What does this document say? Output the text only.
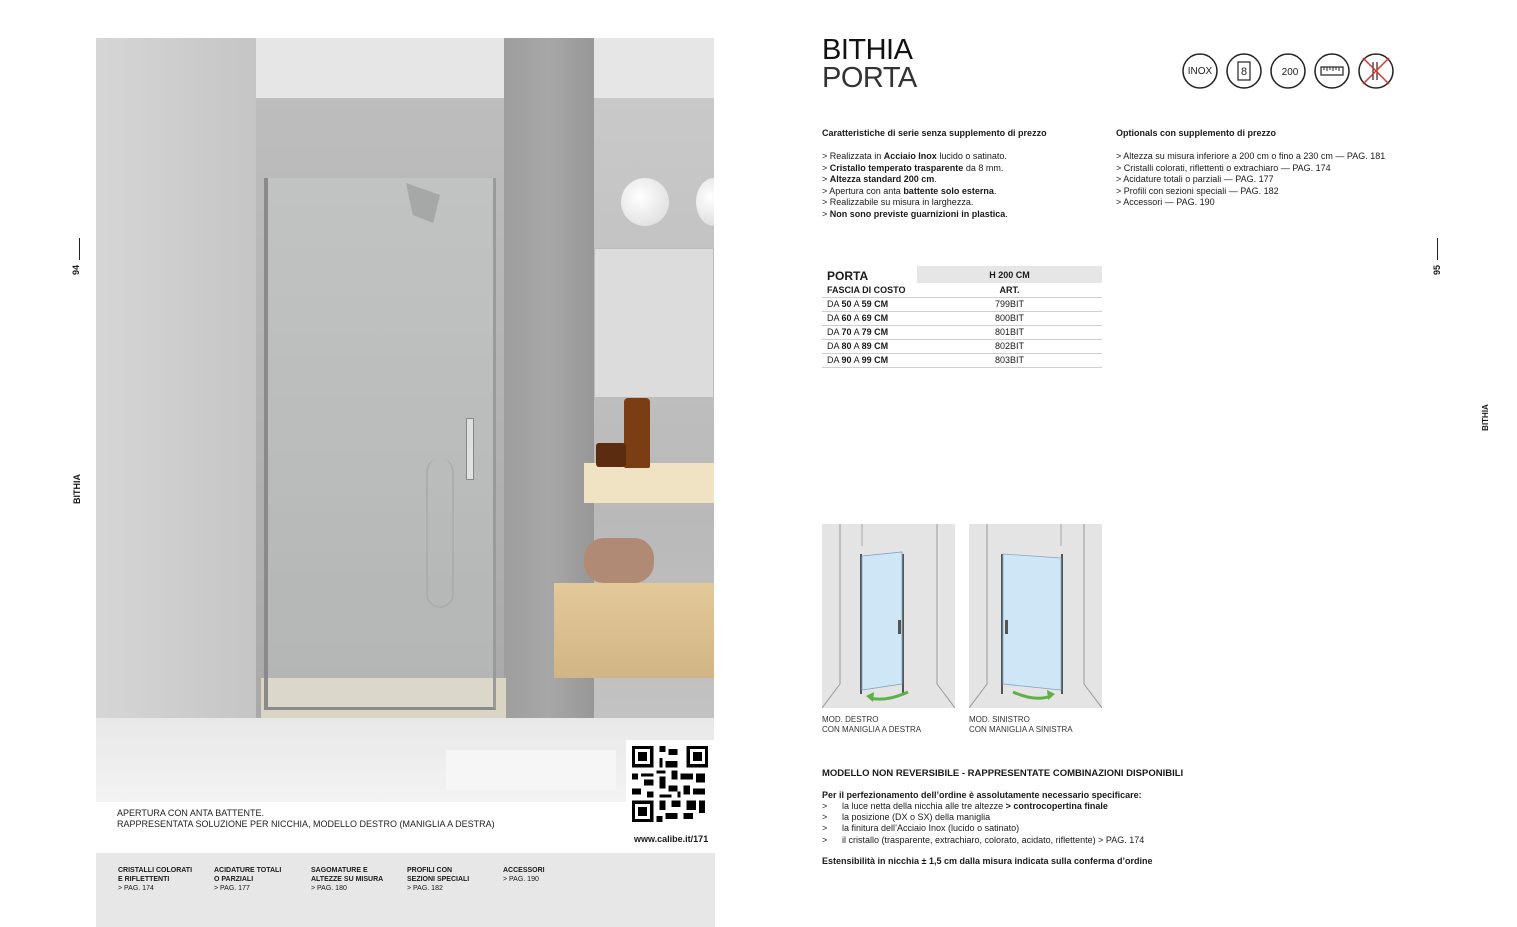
94
BITHIA
www.calibe.it/171
APERTURA CON ANTA BATTENTE.
RAPPRESENTATA SOLUZIONE PER NICCHIA, MODELLO DESTRO (MANIGLIA A DESTRA)
CRISTALLI COLORATI
E RIFLETTENTI
> PAG. 174
ACIDATURE TOTALI
O PARZIALI
> PAG. 177
SAGOMATURE E
ALTEZZE SU MISURA
> PAG. 180
PROFILI CON
SEZIONI SPECIALI
> PAG. 182
ACCESSORI
> PAG. 190
95
BITHIA
BITHIA
PORTA	INOX	8	200
Caratteristiche di serie senza supplemento di prezzo
> Realizzata in Acciaio Inox lucido o satinato.
> Cristallo temperato trasparente da 8 mm.
> Altezza standard 200 cm.
> Apertura con anta battente solo esterna.
> Realizzabile su misura in larghezza.
> Non sono previste guarnizioni in plastica.
Optionals con supplemento di prezzo
> Altezza su misura inferiore a 200 cm o fino a 230 cm — PAG. 181
> Cristalli colorati, riflettenti o extrachiaro — PAG. 174
> Acidature totali o parziali — PAG. 177
> Profili con sezioni speciali — PAG. 182
> Accessori — PAG. 190
PORTA	H 200 CM
FASCIA DI COSTO	ART.
DA 50 A 59 CM	799BIT
DA 60 A 69 CM	800BIT
DA 70 A 79 CM	801BIT
DA 80 A 89 CM	802BIT
DA 90 A 99 CM	803BIT
MOD. DESTRO
CON MANIGLIA A DESTRA
MOD. SINISTRO
CON MANIGLIA A SINISTRA
MODELLO NON REVERSIBILE - RAPPRESENTATE COMBINAZIONI DISPONIBILI
Per il perfezionamento dell’ordine è assolutamente necessario specificare:
> la luce netta della nicchia alle tre altezze > controcopertina finale
> la posizione (DX o SX) della maniglia
> la finitura dell’Acciaio Inox (lucido o satinato)
> il cristallo (trasparente, extrachiaro, colorato, acidato, riflettente) > PAG. 174
Estensibilità in nicchia ± 1,5 cm dalla misura indicata sulla conferma d’ordine
